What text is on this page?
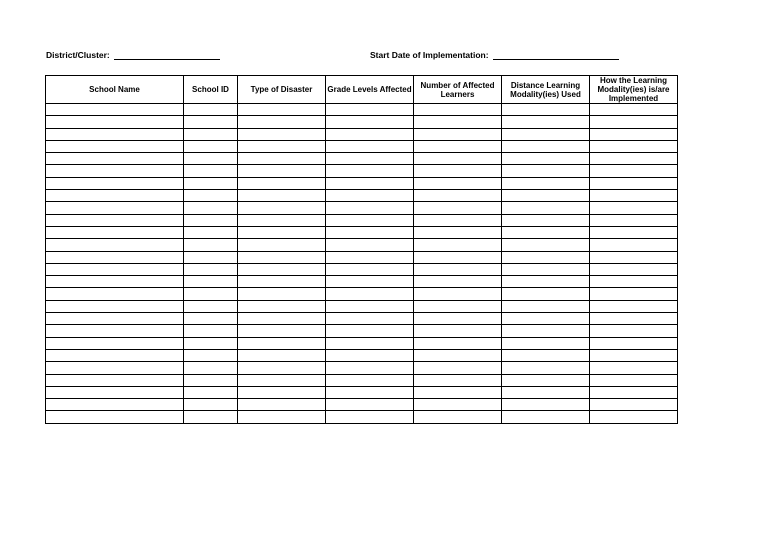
District/Cluster:	Start Date of Implementation:
School Name	School ID	Type of Disaster	Grade Levels Affected	Number of Affected Learners	Distance Learning Modality(ies) Used	How the Learning Modality(ies) is/are Implemented
